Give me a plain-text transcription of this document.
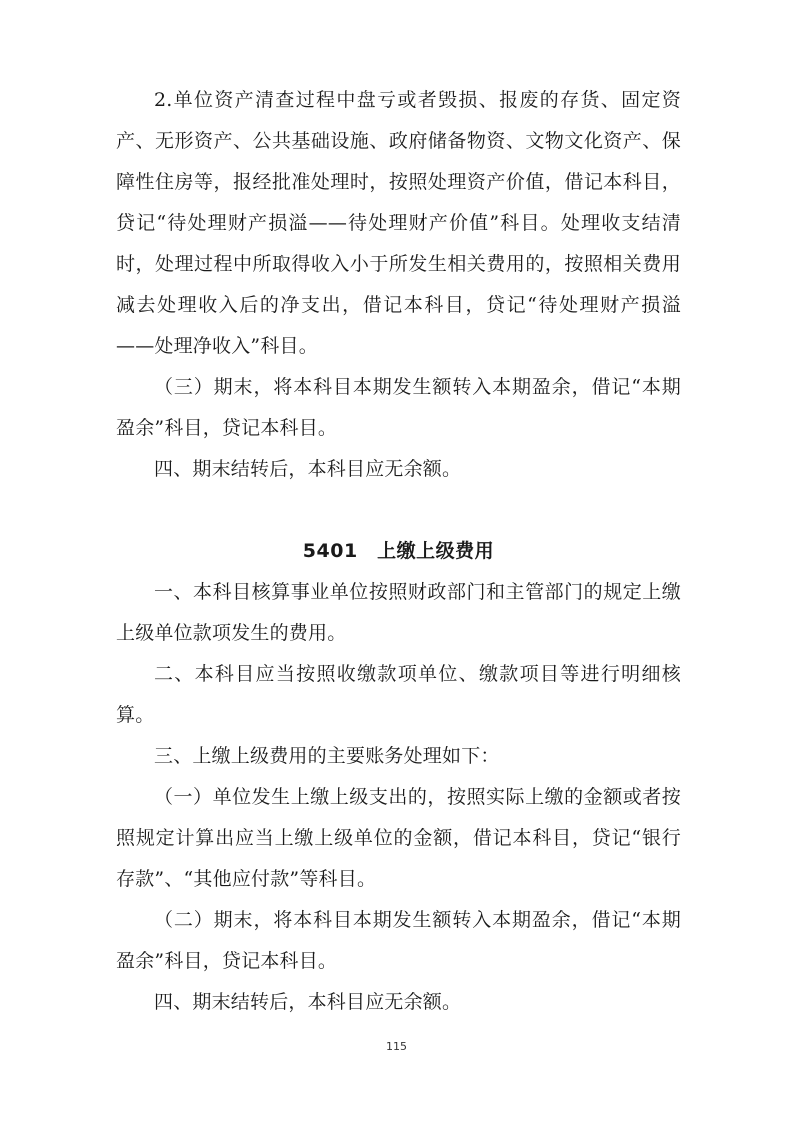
2.单位资产清查过程中盘亏或者毁损、报废的存货、固定资产、无形资产、公共基础设施、政府储备物资、文物文化资产、保障性住房等，报经批准处理时，按照处理资产价值，借记本科目，贷记“待处理财产损溢——待处理财产价值”科目。处理收支结清时，处理过程中所取得收入小于所发生相关费用的，按照相关费用减去处理收入后的净支出，借记本科目，贷记“待处理财产损溢——处理净收入”科目。

（三）期末，将本科目本期发生额转入本期盈余，借记“本期盈余”科目，贷记本科目。

四、期末结转后，本科目应无余额。

5401　上缴上级费用

一、本科目核算事业单位按照财政部门和主管部门的规定上缴上级单位款项发生的费用。

二、本科目应当按照收缴款项单位、缴款项目等进行明细核算。

三、上缴上级费用的主要账务处理如下：

（一）单位发生上缴上级支出的，按照实际上缴的金额或者按照规定计算出应当上缴上级单位的金额，借记本科目，贷记“银行存款”、“其他应付款”等科目。

（二）期末，将本科目本期发生额转入本期盈余，借记“本期盈余”科目，贷记本科目。

四、期末结转后，本科目应无余额。

115
